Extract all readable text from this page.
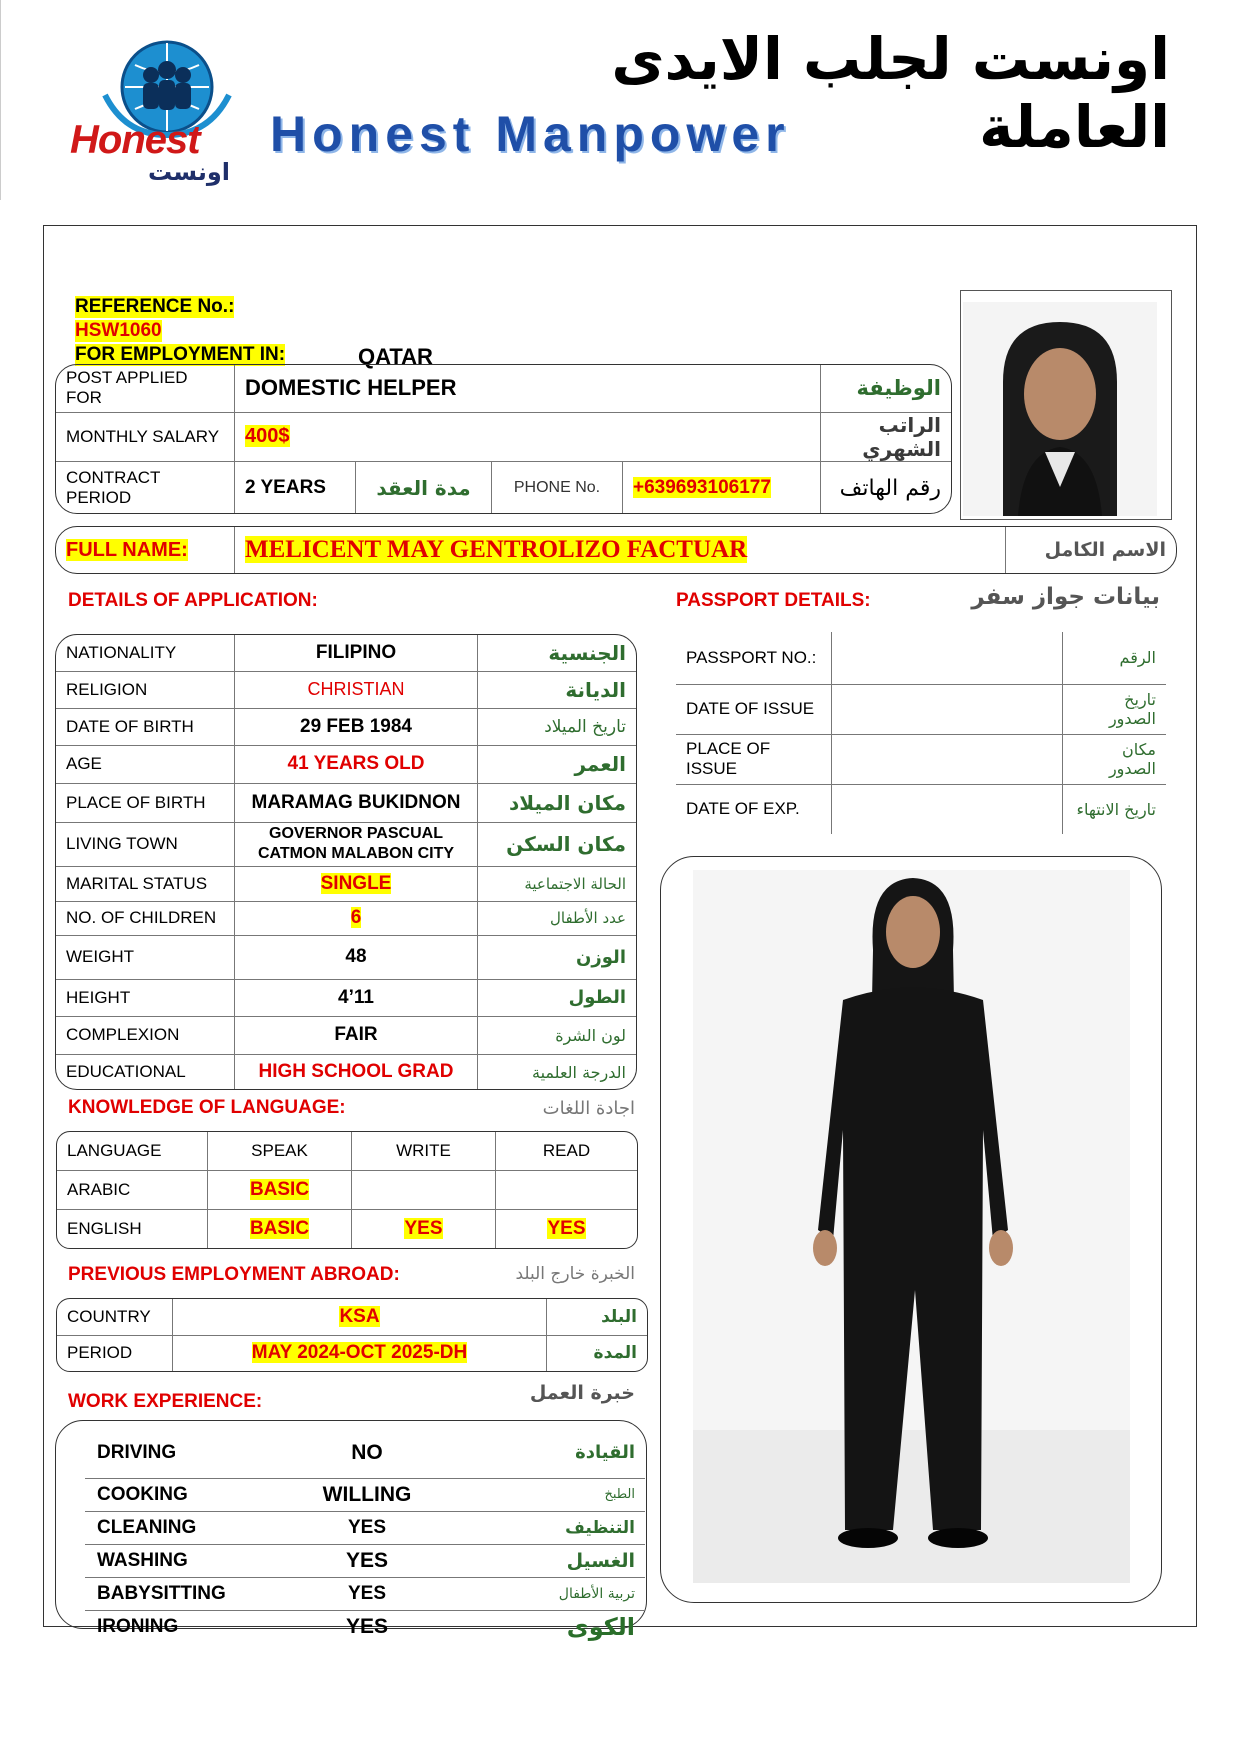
Honest
اونست
اونست لجلب الايدى العاملة
Honest Manpower
REFERENCE No.:
HSW1060
FOR EMPLOYMENT IN:	QATAR
POST APPLIED FOR	DOMESTIC HELPER				الوظيفة
MONTHLY SALARY	400$				الراتب الشهري
CONTRACT PERIOD	2 YEARS	مدة العقد	PHONE No.	+639693106177	رقم الهاتف
FULL NAME:	MELICENT MAY GENTROLIZO FACTUAR	الاسم الكامل
DETAILS OF APPLICATION:	PASSPORT DETAILS:	بيانات جواز سفر
NATIONALITY	FILIPINO	الجنسية
RELIGION	CHRISTIAN	الديانة
DATE OF BIRTH	29 FEB 1984	تاريخ الميلاد
AGE	41 YEARS OLD	العمر
PLACE OF BIRTH	MARAMAG BUKIDNON	مكان الميلاد
LIVING TOWN	GOVERNOR PASCUAL CATMON MALABON CITY	مكان السكن
MARITAL STATUS	SINGLE	الحالة الاجتماعية
NO. OF CHILDREN	6	عدد الأطفال
WEIGHT	48	الوزن
HEIGHT	4’11	الطول
COMPLEXION	FAIR	لون الشرة
EDUCATIONAL	HIGH SCHOOL GRAD	الدرجة العلمية
PASSPORT NO.:		الرقم
DATE OF ISSUE		تاريخ الصدور
PLACE OF ISSUE		مكان الصدور
DATE OF EXP.		تاريخ الانتهاء
KNOWLEDGE OF LANGUAGE:	اجادة اللغات
LANGUAGE	SPEAK	WRITE	READ
ARABIC	BASIC		
ENGLISH	BASIC	YES	YES
PREVIOUS EMPLOYMENT ABROAD:	الخبرة خارج البلد
COUNTRY	KSA	البلد
PERIOD	MAY 2024-OCT 2025-DH	المدة
WORK EXPERIENCE:	خبرة العمل
DRIVING	NO	القيادة
COOKING	WILLING	الطبخ
CLEANING	YES	التنظيف
WASHING	YES	الغسيل
BABYSITTING	YES	تربية الأطفال
IRONING	YES	الكوى
